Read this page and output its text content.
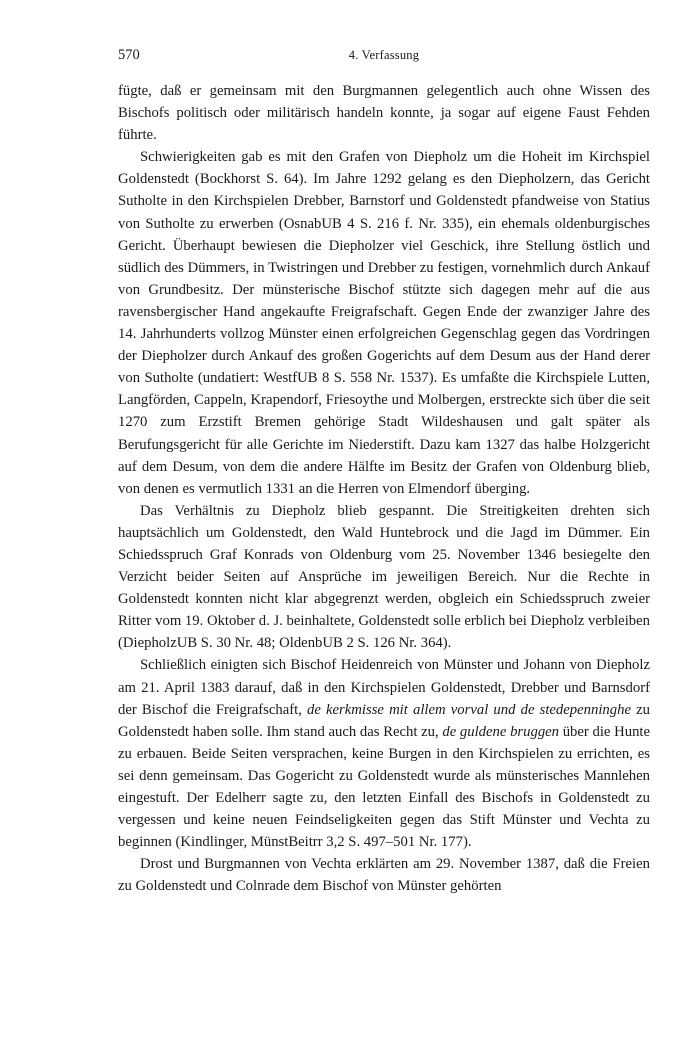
570	4. Verfassung

fügte, daß er gemeinsam mit den Burgmannen gelegentlich auch ohne Wissen des Bischofs politisch oder militärisch handeln konnte, ja sogar auf eigene Faust Fehden führte.

Schwierigkeiten gab es mit den Grafen von Diepholz um die Hoheit im Kirchspiel Goldenstedt (Bockhorst S. 64). Im Jahre 1292 gelang es den Diepholzern, das Gericht Sutholte in den Kirchspielen Drebber, Barnstorf und Goldenstedt pfandweise von Statius von Sutholte zu erwerben (OsnabUB 4 S. 216 f. Nr. 335), ein ehemals oldenburgisches Gericht. Überhaupt bewiesen die Diepholzer viel Geschick, ihre Stellung östlich und südlich des Dümmers, in Twistringen und Drebber zu festigen, vornehmlich durch Ankauf von Grundbesitz. Der münsterische Bischof stützte sich dagegen mehr auf die aus ravensbergischer Hand angekaufte Freigrafschaft. Gegen Ende der zwanziger Jahre des 14. Jahrhunderts vollzog Münster einen erfolgreichen Gegenschlag gegen das Vordringen der Diepholzer durch Ankauf des großen Gogerichts auf dem Desum aus der Hand derer von Sutholte (undatiert: WestfUB 8 S. 558 Nr. 1537). Es umfaßte die Kirchspiele Lutten, Langförden, Cappeln, Krapendorf, Friesoythe und Molbergen, erstreckte sich über die seit 1270 zum Erzstift Bremen gehörige Stadt Wildeshausen und galt später als Berufungsgericht für alle Gerichte im Niederstift. Dazu kam 1327 das halbe Holzgericht auf dem Desum, von dem die andere Hälfte im Besitz der Grafen von Oldenburg blieb, von denen es vermutlich 1331 an die Herren von Elmendorf überging.

Das Verhältnis zu Diepholz blieb gespannt. Die Streitigkeiten drehten sich hauptsächlich um Goldenstedt, den Wald Huntebrock und die Jagd im Dümmer. Ein Schiedsspruch Graf Konrads von Oldenburg vom 25. November 1346 besiegelte den Verzicht beider Seiten auf Ansprüche im jeweiligen Bereich. Nur die Rechte in Goldenstedt konnten nicht klar abgegrenzt werden, obgleich ein Schiedsspruch zweier Ritter vom 19. Oktober d. J. beinhaltete, Goldenstedt solle erblich bei Diepholz verbleiben (DiepholzUB S. 30 Nr. 48; OldenbUB 2 S. 126 Nr. 364).

Schließlich einigten sich Bischof Heidenreich von Münster und Johann von Diepholz am 21. April 1383 darauf, daß in den Kirchspielen Goldenstedt, Drebber und Barnsdorf der Bischof die Freigrafschaft, de kerkmisse mit allem vorval und de stedepenninghe zu Goldenstedt haben solle. Ihm stand auch das Recht zu, de guldene bruggen über die Hunte zu erbauen. Beide Seiten versprachen, keine Burgen in den Kirchspielen zu errichten, es sei denn gemeinsam. Das Gogericht zu Goldenstedt wurde als münsterisches Mannlehen eingestuft. Der Edelherr sagte zu, den letzten Einfall des Bischofs in Goldenstedt zu vergessen und keine neuen Feindseligkeiten gegen das Stift Münster und Vechta zu beginnen (Kindlinger, MünstBeitrr 3,2 S. 497–501 Nr. 177).

Drost und Burgmannen von Vechta erklärten am 29. November 1387, daß die Freien zu Goldenstedt und Colnrade dem Bischof von Münster gehörten
